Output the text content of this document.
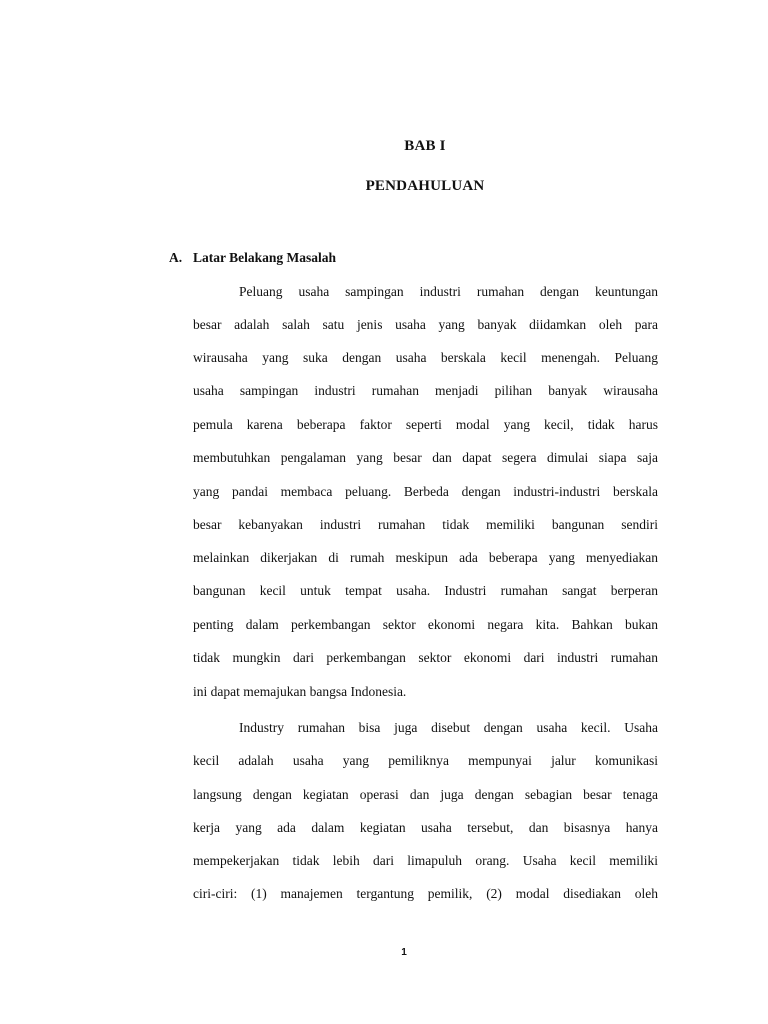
BAB I
PENDAHULUAN
A. Latar Belakang Masalah
Peluang usaha sampingan industri rumahan dengan keuntungan
besar adalah salah satu jenis usaha yang banyak diidamkan oleh para
wirausaha yang suka dengan usaha berskala kecil menengah. Peluang
usaha sampingan industri rumahan menjadi pilihan banyak wirausaha
pemula karena beberapa faktor seperti modal yang kecil, tidak harus
membutuhkan pengalaman yang besar dan dapat segera dimulai siapa saja
yang pandai membaca peluang. Berbeda dengan industri-industri berskala
besar kebanyakan industri rumahan tidak memiliki bangunan sendiri
melainkan dikerjakan di rumah meskipun ada beberapa yang menyediakan
bangunan kecil untuk tempat usaha. Industri rumahan sangat berperan
penting dalam perkembangan sektor ekonomi negara kita. Bahkan bukan
tidak mungkin dari perkembangan sektor ekonomi dari industri rumahan
ini dapat memajukan bangsa Indonesia.
Industry rumahan bisa juga disebut dengan usaha kecil. Usaha
kecil adalah usaha yang pemiliknya mempunyai jalur komunikasi
langsung dengan kegiatan operasi dan juga dengan sebagian besar tenaga
kerja yang ada dalam kegiatan usaha tersebut, dan bisasnya hanya
mempekerjakan tidak lebih dari limapuluh orang. Usaha kecil memiliki
ciri-ciri: (1) manajemen tergantung pemilik, (2) modal disediakan oleh
1
